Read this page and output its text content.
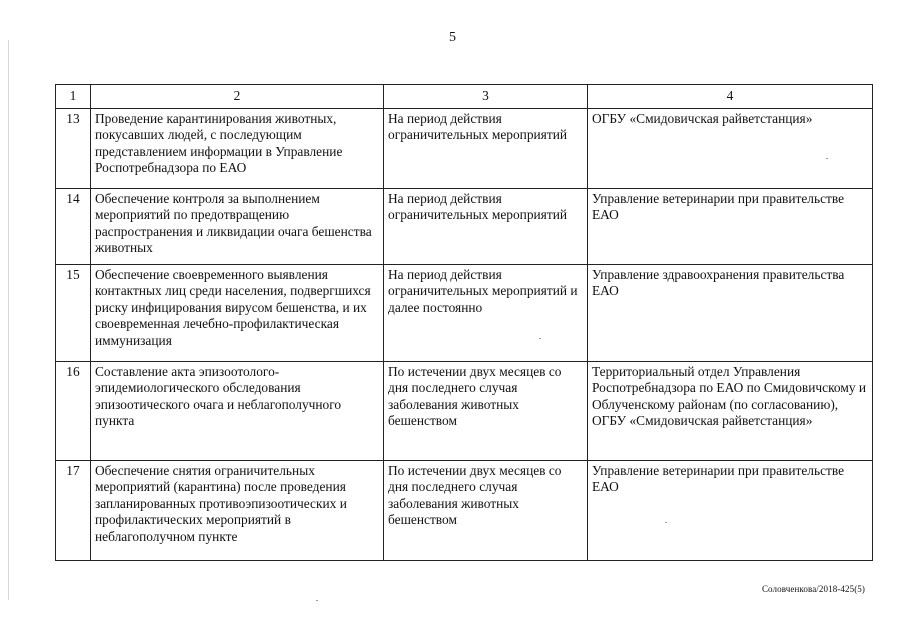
5
1	2	3	4
13	Проведение карантинирования животных, покусавших людей, с последующим представлением информации в Управление Роспотребнадзора по ЕАО	На период действия ограничительных мероприятий	ОГБУ «Смидовичская райветстанция»
14	Обеспечение контроля за выполнением мероприятий по предотвращению распространения и ликвидации очага бешенства животных	На период действия ограничительных мероприятий	Управление ветеринарии при правительстве ЕАО
15	Обеспечение своевременного выявления контактных лиц среди населения, подвергшихся риску инфицирования вирусом бешенства, и их своевременная лечебно-профилактическая иммунизация	На период действия ограничительных мероприятий и далее постоянно	Управление здравоохранения правительства ЕАО
16	Составление акта эпизоотолого-эпидемиологического обследования эпизоотического очага и неблагополучного пункта	По истечении двух месяцев со дня последнего случая заболевания животных бешенством	Территориальный отдел Управления Роспотребнадзора по ЕАО по Смидовичскому и Облученскому районам (по согласованию),
ОГБУ «Смидовичская райветстанция»
17	Обеспечение снятия ограничительных мероприятий (карантина) после проведения запланированных противоэпизоотических и профилактических мероприятий в неблагополучном пункте	По истечении двух месяцев со дня последнего случая заболевания животных бешенством	Управление ветеринарии при правительстве ЕАО
Соловченкова/2018-425(5)
